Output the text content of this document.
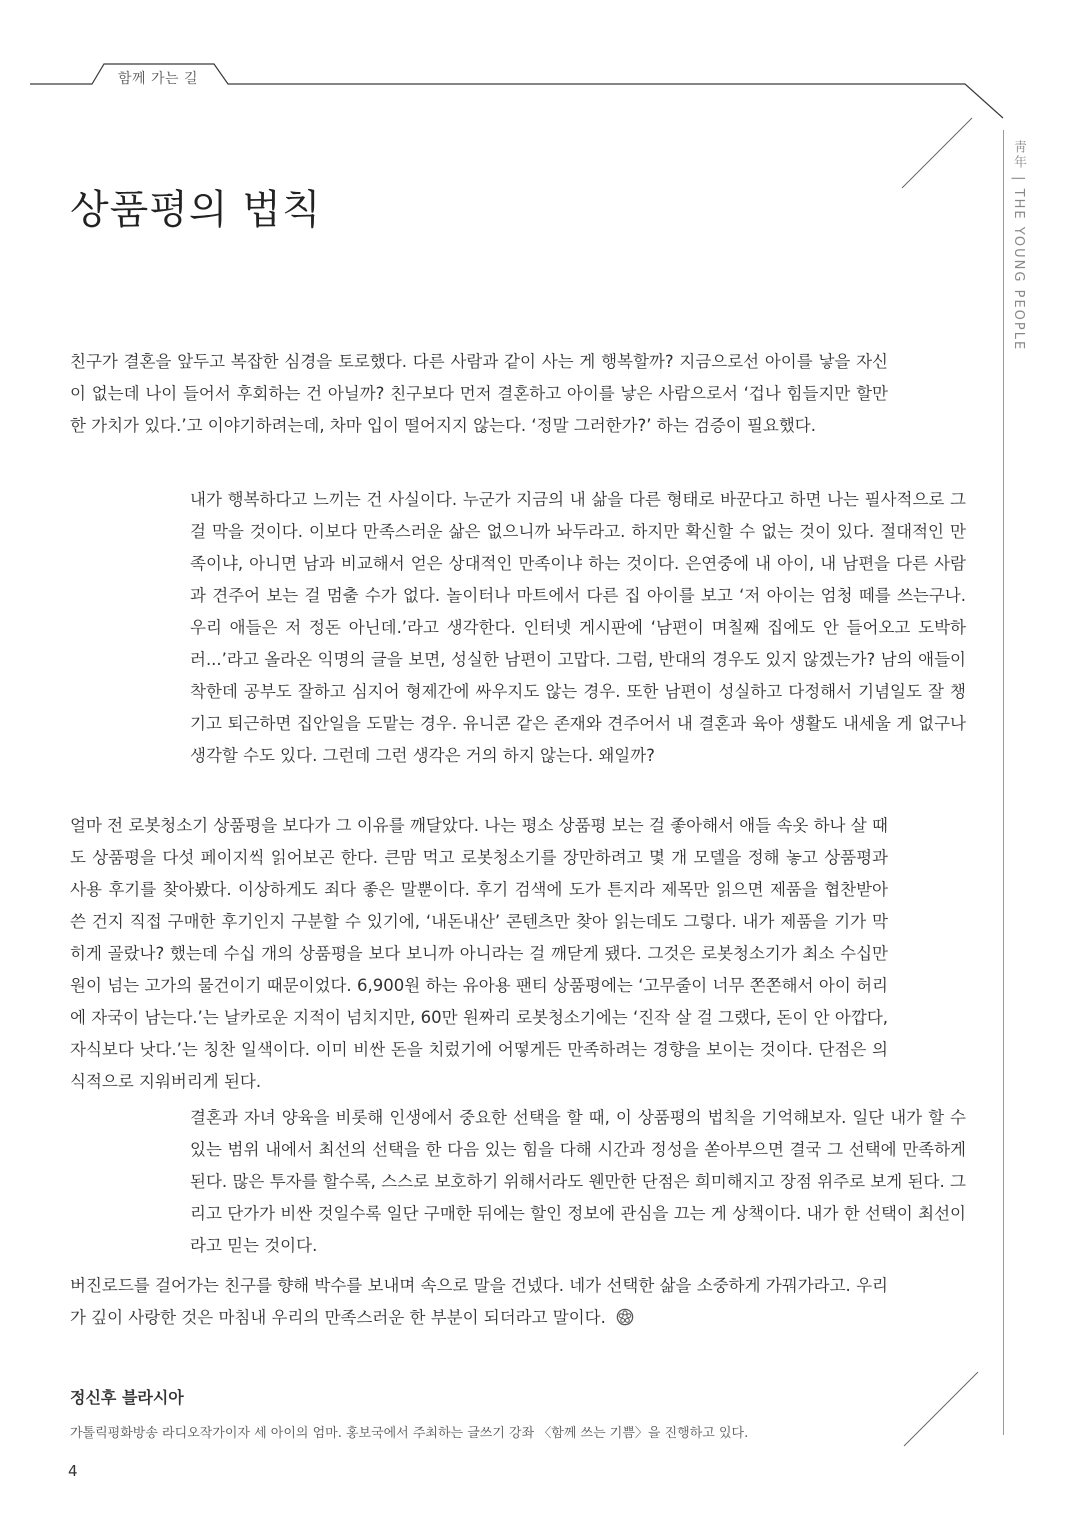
함께 가는 길
靑年 | THE YOUNG PEOPLE
상품평의 법칙

친구가 결혼을 앞두고 복잡한 심경을 토로했다. 다른 사람과 같이 사는 게 행복할까? 지금으로선 아이를 낳을 자신이 없는데 나이 들어서 후회하는 건 아닐까? 친구보다 먼저 결혼하고 아이를 낳은 사람으로서 ‘겁나 힘들지만 할만한 가치가 있다.’고 이야기하려는데, 차마 입이 떨어지지 않는다. ‘정말 그러한가?’ 하는 검증이 필요했다.

내가 행복하다고 느끼는 건 사실이다. 누군가 지금의 내 삶을 다른 형태로 바꾼다고 하면 나는 필사적으로 그걸 막을 것이다. 이보다 만족스러운 삶은 없으니까 놔두라고. 하지만 확신할 수 없는 것이 있다. 절대적인 만족이냐, 아니면 남과 비교해서 얻은 상대적인 만족이냐 하는 것이다. 은연중에 내 아이, 내 남편을 다른 사람과 견주어 보는 걸 멈출 수가 없다. 놀이터나 마트에서 다른 집 아이를 보고 ‘저 아이는 엄청 떼를 쓰는구나. 우리 애들은 저 정돈 아닌데.’라고 생각한다. 인터넷 게시판에 ‘남편이 며칠째 집에도 안 들어오고 도박하러...’라고 올라온 익명의 글을 보면, 성실한 남편이 고맙다. 그럼, 반대의 경우도 있지 않겠는가? 남의 애들이 착한데 공부도 잘하고 심지어 형제간에 싸우지도 않는 경우. 또한 남편이 성실하고 다정해서 기념일도 잘 챙기고 퇴근하면 집안일을 도맡는 경우. 유니콘 같은 존재와 견주어서 내 결혼과 육아 생활도 내세울 게 없구나 생각할 수도 있다. 그런데 그런 생각은 거의 하지 않는다. 왜일까?

얼마 전 로봇청소기 상품평을 보다가 그 이유를 깨달았다. 나는 평소 상품평 보는 걸 좋아해서 애들 속옷 하나 살 때도 상품평을 다섯 페이지씩 읽어보곤 한다. 큰맘 먹고 로봇청소기를 장만하려고 몇 개 모델을 정해 놓고 상품평과 사용 후기를 찾아봤다. 이상하게도 죄다 좋은 말뿐이다. 후기 검색에 도가 튼지라 제목만 읽으면 제품을 협찬받아 쓴 건지 직접 구매한 후기인지 구분할 수 있기에, ‘내돈내산’ 콘텐츠만 찾아 읽는데도 그렇다. 내가 제품을 기가 막히게 골랐나? 했는데 수십 개의 상품평을 보다 보니까 아니라는 걸 깨닫게 됐다. 그것은 로봇청소기가 최소 수십만 원이 넘는 고가의 물건이기 때문이었다. 6,900원 하는 유아용 팬티 상품평에는 ‘고무줄이 너무 쫀쫀해서 아이 허리에 자국이 남는다.’는 날카로운 지적이 넘치지만, 60만 원짜리 로봇청소기에는 ‘진작 살 걸 그랬다, 돈이 안 아깝다, 자식보다 낫다.’는 칭찬 일색이다. 이미 비싼 돈을 치렀기에 어떻게든 만족하려는 경향을 보이는 것이다. 단점은 의식적으로 지워버리게 된다.

결혼과 자녀 양육을 비롯해 인생에서 중요한 선택을 할 때, 이 상품평의 법칙을 기억해보자. 일단 내가 할 수 있는 범위 내에서 최선의 선택을 한 다음 있는 힘을 다해 시간과 정성을 쏟아부으면 결국 그 선택에 만족하게 된다. 많은 투자를 할수록, 스스로 보호하기 위해서라도 웬만한 단점은 희미해지고 장점 위주로 보게 된다. 그리고 단가가 비싼 것일수록 일단 구매한 뒤에는 할인 정보에 관심을 끄는 게 상책이다. 내가 한 선택이 최선이라고 믿는 것이다.

버진로드를 걸어가는 친구를 향해 박수를 보내며 속으로 말을 건넸다. 네가 선택한 삶을 소중하게 가꿔가라고. 우리가 깊이 사랑한 것은 마침내 우리의 만족스러운 한 부분이 되더라고 말이다.

정신후 블라시아
가톨릭평화방송 라디오작가이자 세 아이의 엄마. 홍보국에서 주최하는 글쓰기 강좌 〈함께 쓰는 기쁨〉을 진행하고 있다.
4
